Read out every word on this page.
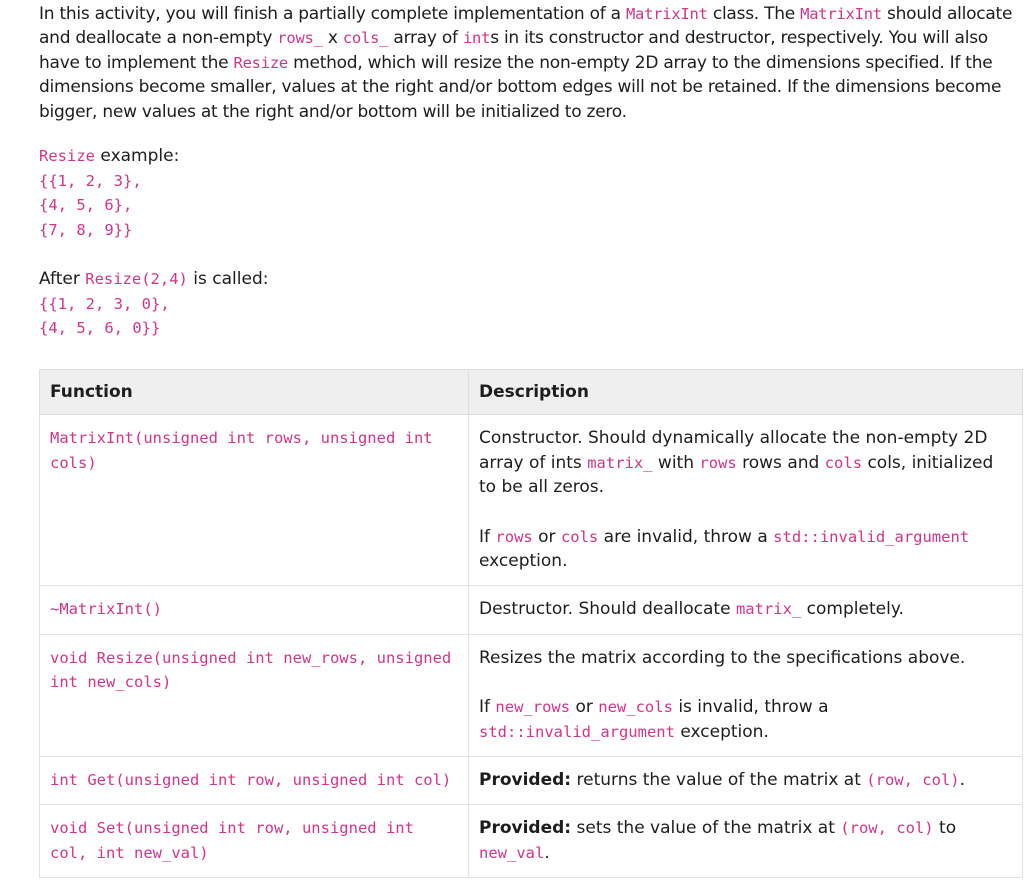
In this activity, you will finish a partially complete implementation of a MatrixInt class. The MatrixInt should allocate and deallocate a non-empty rows_ x cols_ array of ints in its constructor and destructor, respectively. You will also have to implement the Resize method, which will resize the non-empty 2D array to the dimensions specified. If the dimensions become smaller, values at the right and/or bottom edges will not be retained. If the dimensions become bigger, new values at the right and/or bottom will be initialized to zero.

Resize example:

{{1, 2, 3},
{4, 5, 6},
{7, 8, 9}}

After Resize(2,4) is called:

{{1, 2, 3, 0},
{4, 5, 6, 0}}
Function	Description
MatrixInt(unsigned int rows, unsigned int cols)	Constructor. Should dynamically allocate the non-empty 2D array of ints matrix_ with rows rows and cols cols, initialized to be all zeros.
If rows or cols are invalid, throw a std::invalid_argument exception.

~MatrixInt()	Destructor. Should deallocate matrix_ completely.
void Resize(unsigned int new_rows, unsigned int new_cols)	Resizes the matrix according to the specifications above.
If new_rows or new_cols is invalid, throw a std::invalid_argument exception.

int Get(unsigned int row, unsigned int col)	Provided: returns the value of the matrix at (row, col).
void Set(unsigned int row, unsigned int col, int new_val)	Provided: sets the value of the matrix at (row, col) to new_val.
